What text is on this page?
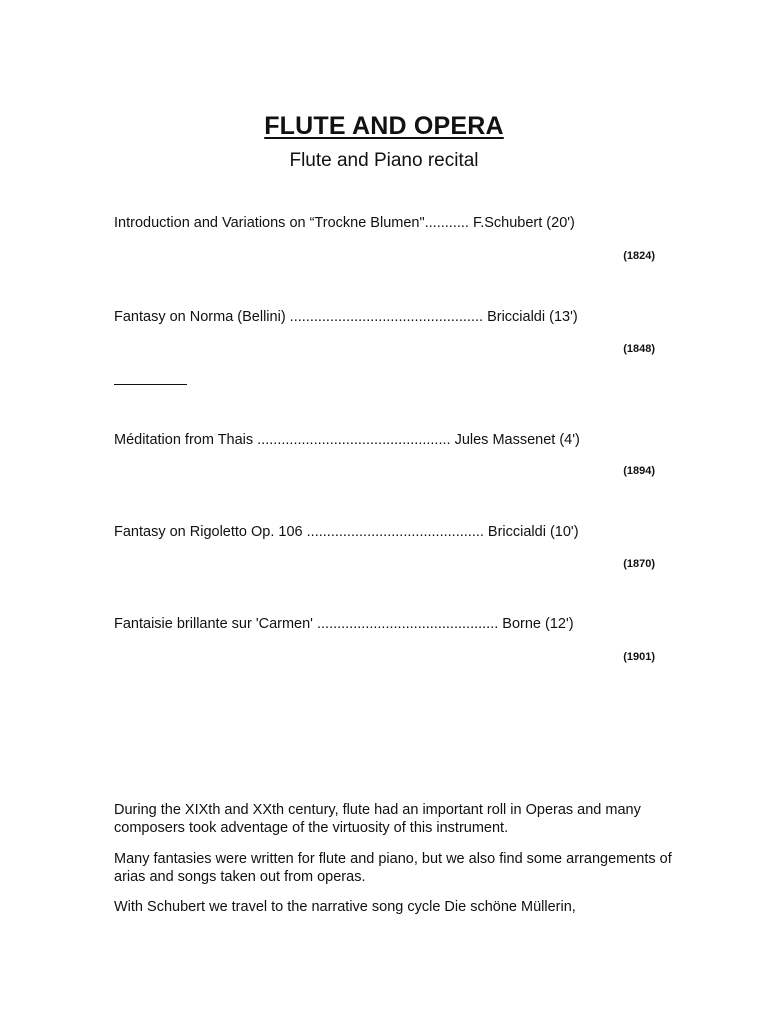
FLUTE AND OPERA
Flute and Piano recital
Introduction and Variations on “Trockne Blumen"........... F.Schubert (20')
(1824)
Fantasy on Norma (Bellini) ................................................ Briccialdi (13')
(1848)
Méditation from Thais ................................................ Jules Massenet (4')
(1894)
Fantasy on Rigoletto Op. 106 ............................................ Briccialdi (10')
(1870)
Fantaisie brillante sur 'Carmen' ............................................. Borne (12')
(1901)

During the XIXth and XXth century, flute had an important roll in Operas and many composers took adventage of the virtuosity of this instrument.

Many fantasies were written for flute and piano, but we also find some arrangements of arias and songs taken out from operas.

With Schubert we travel to the narrative song cycle Die schöne Müllerin,
